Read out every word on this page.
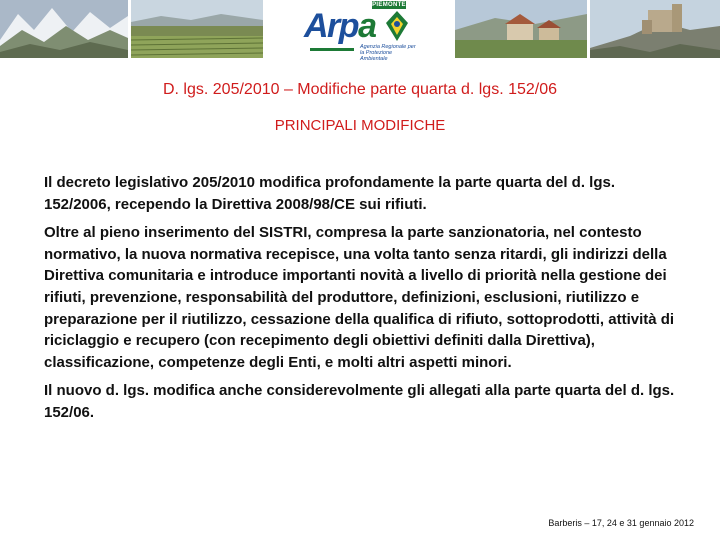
PIEMONTE
Arpa
Agenzia Regionale per la Protezione Ambientale
D. lgs. 205/2010 – Modifiche parte quarta d. lgs. 152/06
PRINCIPALI MODIFICHE

Il decreto legislativo 205/2010 modifica profondamente la parte quarta del d. lgs. 152/2006, recependo la Direttiva 2008/98/CE sui rifiuti.

Oltre al pieno inserimento del SISTRI, compresa la parte sanzionatoria, nel contesto normativo, la nuova normativa recepisce, una volta tanto senza ritardi, gli indirizzi della Direttiva comunitaria e introduce importanti novità a livello di priorità nella gestione dei rifiuti, prevenzione, responsabilità del produttore, definizioni, esclusioni, riutilizzo e preparazione per il riutilizzo, cessazione della qualifica di rifiuto, sottoprodotti, attività di riciclaggio e recupero (con recepimento degli obiettivi definiti dalla Direttiva), classificazione, competenze degli Enti, e molti altri aspetti minori.

Il nuovo d. lgs. modifica anche considerevolmente gli allegati alla parte quarta del d. lgs. 152/06.

Barberis – 17, 24 e 31 gennaio 2012
